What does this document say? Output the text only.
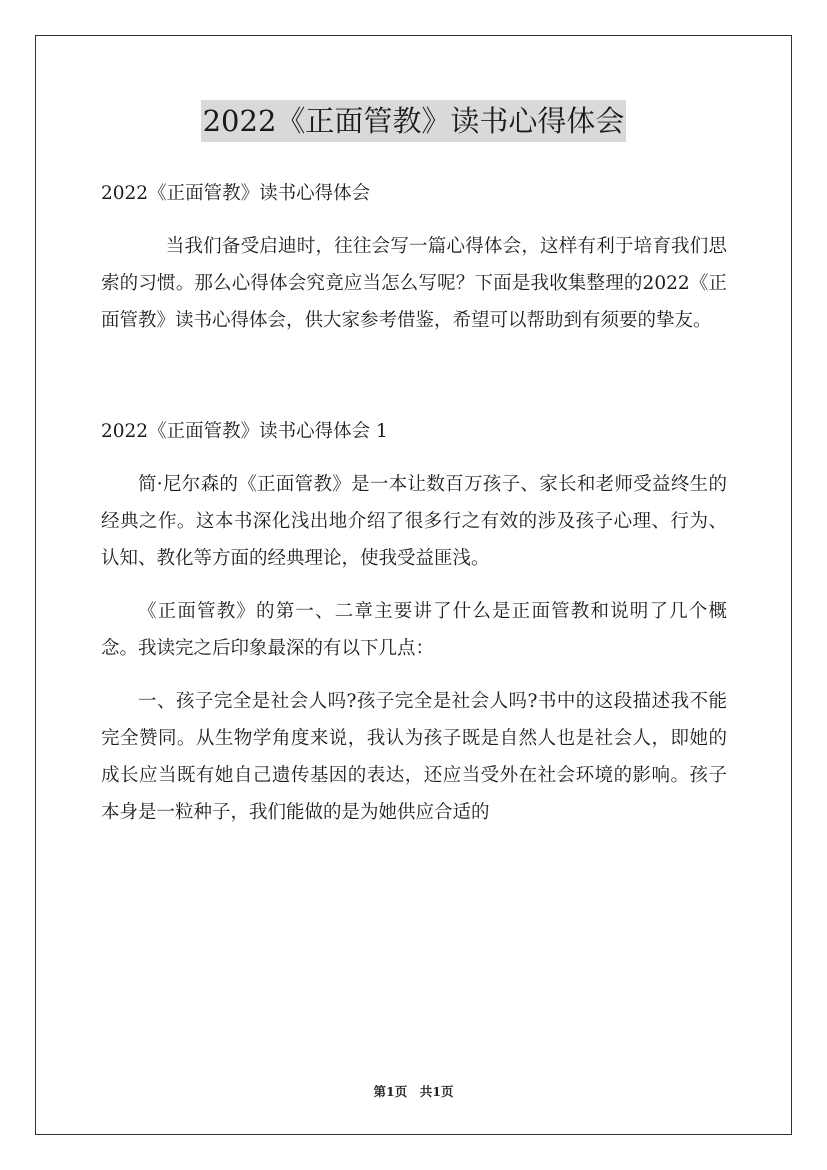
2022《正面管教》读书心得体会

2022《正面管教》读书心得体会

当我们备受启迪时，往往会写一篇心得体会，这样有利于培育我们思索的习惯。那么心得体会究竟应当怎么写呢？下面是我收集整理的2022《正面管教》读书心得体会，供大家参考借鉴，希望可以帮助到有须要的挚友。

2022《正面管教》读书心得体会 1

简·尼尔森的《正面管教》是一本让数百万孩子、家长和老师受益终生的经典之作。这本书深化浅出地介绍了很多行之有效的涉及孩子心理、行为、认知、教化等方面的经典理论，使我受益匪浅。

《正面管教》的第一、二章主要讲了什么是正面管教和说明了几个概念。我读完之后印象最深的有以下几点：

一、孩子完全是社会人吗?孩子完全是社会人吗?书中的这段描述我不能完全赞同。从生物学角度来说，我认为孩子既是自然人也是社会人，即她的成长应当既有她自己遗传基因的表达，还应当受外在社会环境的影响。孩子本身是一粒种子，我们能做的是为她供应合适的

第1页　共1页
